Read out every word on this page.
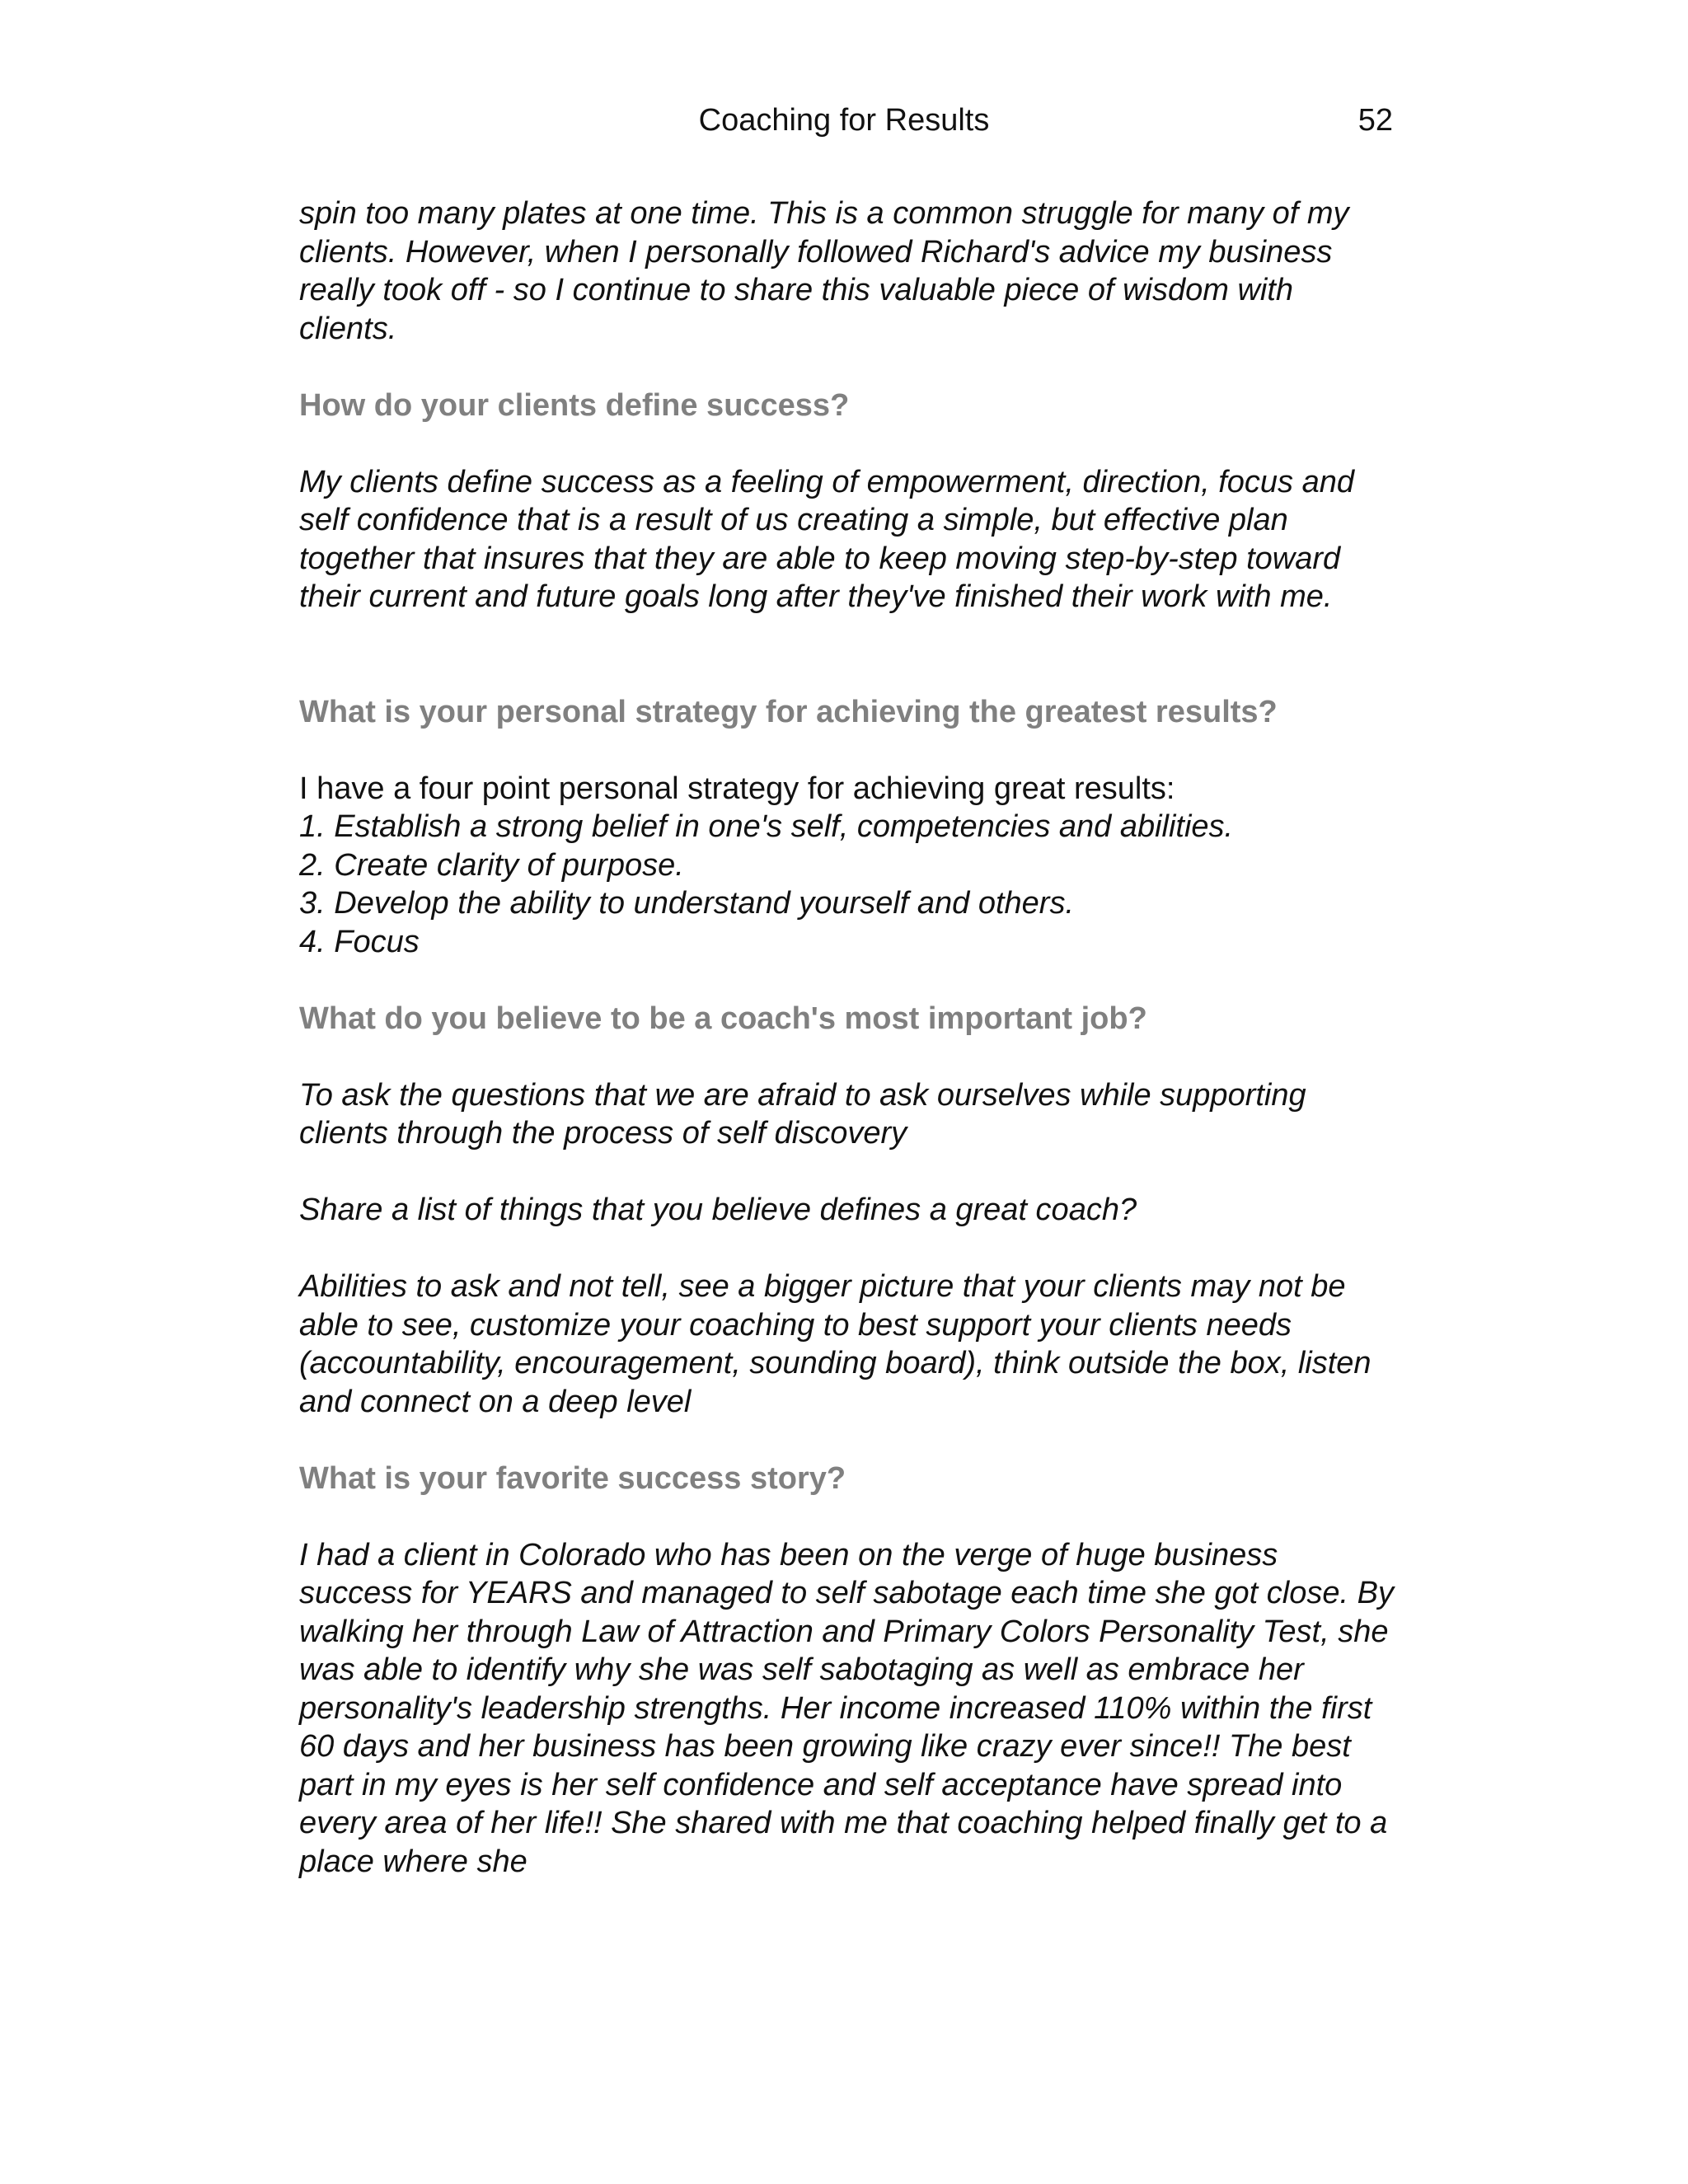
Coaching for Results	52

spin too many plates at one time. This is a common struggle for many of my clients. However, when I personally followed Richard's advice my business really took off - so I continue to share this valuable piece of wisdom with clients.

How do your clients define success?

My clients define success as a feeling of empowerment, direction, focus and self confidence that is a result of us creating a simple, but effective plan together that insures that they are able to keep moving step-by-step toward their current and future goals long after they've finished their work with me.

What is your personal strategy for achieving the greatest results?

I have a four point personal strategy for achieving great results:

1. Establish a strong belief in one's self, competencies and abilities.
2. Create clarity of purpose.
3. Develop the ability to understand yourself and others.
4. Focus

What do you believe to be a coach's most important job?

To ask the questions that we are afraid to ask ourselves while supporting clients through the process of self discovery

Share a list of things that you believe defines a great coach?

Abilities to ask and not tell, see a bigger picture that your clients may not be able to see, customize your coaching to best support your clients needs (accountability, encouragement, sounding board), think outside the box, listen and connect on a deep level

What is your favorite success story?

I had a client in Colorado who has been on the verge of huge business success for YEARS and managed to self sabotage each time she got close. By walking her through Law of Attraction and Primary Colors Personality Test, she was able to identify why she was self sabotaging as well as embrace her personality's leadership strengths. Her income increased 110% within the first 60 days and her business has been growing like crazy ever since!! The best part in my eyes is her self confidence and self acceptance have spread into every area of her life!! She shared with me that coaching helped finally get to a place where she
